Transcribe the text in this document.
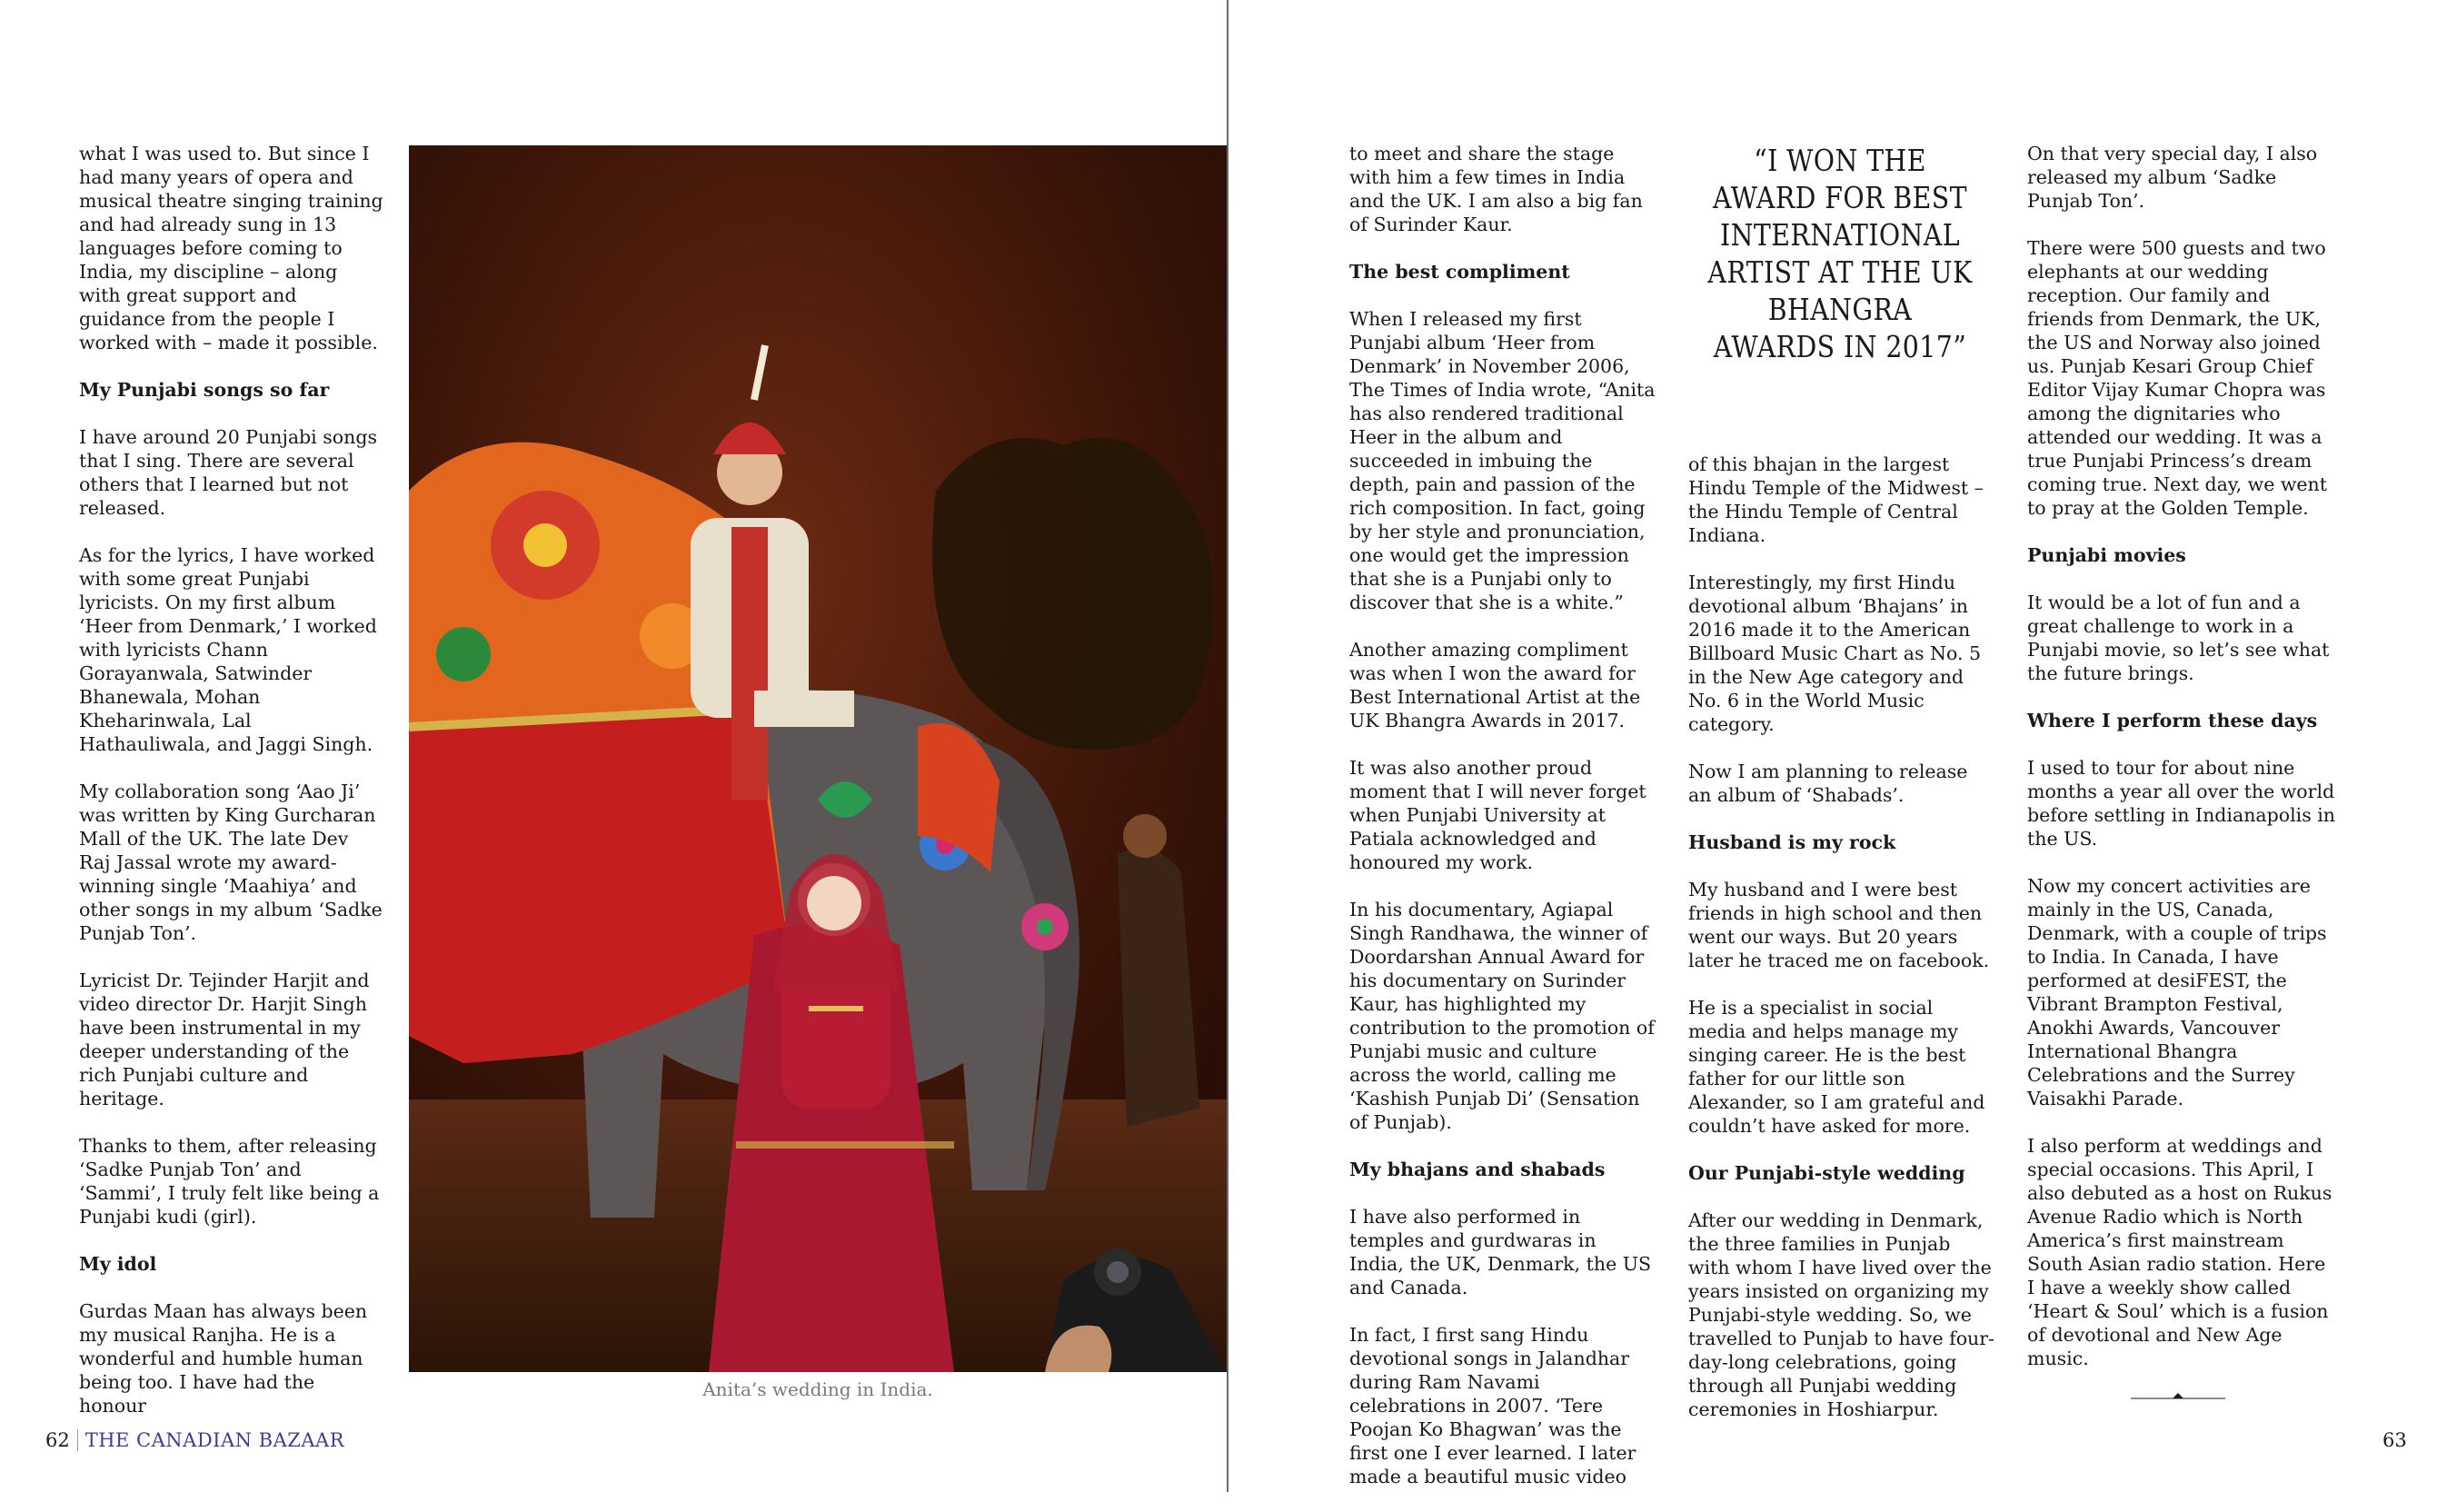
what I was used to. But since I had many years of opera and musical theatre singing training and had already sung in 13 languages before coming to India, my discipline – along with great support and guidance from the people I worked with – made it possible.

My Punjabi songs so far

I have around 20 Punjabi songs that I sing. There are several others that I learned but not released.

As for the lyrics, I have worked with some great Punjabi lyricists. On my first album ‘Heer from Denmark,’ I worked with lyricists Chann Gorayanwala, Satwinder Bhanewala, Mohan Kheharinwala, Lal Hathauliwala, and Jaggi Singh.

My collaboration song ‘Aao Ji’ was written by King Gurcharan Mall of the UK. The late Dev Raj Jassal wrote my award-winning single ‘Maahiya’ and other songs in my album ‘Sadke Punjab Ton’.

Lyricist Dr. Tejinder Harjit and video director Dr. Harjit Singh have been instrumental in my deeper understanding of the rich Punjabi culture and heritage.

Thanks to them, after releasing ‘Sadke Punjab Ton’ and ‘Sammi’, I truly felt like being a Punjabi kudi (girl).

My idol

Gurdas Maan has always been my musical Ranjha. He is a wonderful and humble human being too. I have had the honour

Anita’s wedding in India.
62 THE CANADIAN BAZAAR

to meet and share the stage with him a few times in India and the UK. I am also a big fan of Surinder Kaur.

The best compliment

When I released my first Punjabi album ‘Heer from Denmark’ in November 2006, The Times of India wrote, “Anita has also rendered traditional Heer in the album and succeeded in imbuing the depth, pain and passion of the rich composition. In fact, going by her style and pronunciation, one would get the impression that she is a Punjabi only to discover that she is a white.”

Another amazing compliment was when I won the award for Best International Artist at the UK Bhangra Awards in 2017.

It was also another proud moment that I will never forget when Punjabi University at Patiala acknowledged and honoured my work.

In his documentary, Agiapal Singh Randhawa, the winner of Doordarshan Annual Award for his documentary on Surinder Kaur, has highlighted my contribution to the promotion of Punjabi music and culture across the world, calling me ‘Kashish Punjab Di’ (Sensation of Punjab).

My bhajans and shabads

I have also performed in temples and gurdwaras in India, the UK, Denmark, the US and Canada.

In fact, I first sang Hindu devotional songs in Jalandhar during Ram Navami celebrations in 2007. ‘Tere Poojan Ko Bhagwan’ was the first one I ever learned. I later made a beautiful music video

“I WON THE AWARD FOR BEST INTERNATIONAL ARTIST AT THE UK BHANGRA AWARDS IN 2017”

of this bhajan in the largest Hindu Temple of the Midwest – the Hindu Temple of Central Indiana.

Interestingly, my first Hindu devotional album ‘Bhajans’ in 2016 made it to the American Billboard Music Chart as No. 5 in the New Age category and No. 6 in the World Music category.

Now I am planning to release an album of ‘Shabads’.

Husband is my rock

My husband and I were best friends in high school and then went our ways. But 20 years later he traced me on facebook.

He is a specialist in social media and helps manage my singing career. He is the best father for our little son Alexander, so I am grateful and couldn’t have asked for more.

Our Punjabi-style wedding

After our wedding in Denmark, the three families in Punjab with whom I have lived over the years insisted on organizing my Punjabi-style wedding. So, we travelled to Punjab to have four-day-long celebrations, going through all Punjabi wedding ceremonies in Hoshiarpur.

On that very special day, I also released my album ‘Sadke Punjab Ton’.

There were 500 guests and two elephants at our wedding reception. Our family and friends from Denmark, the UK, the US and Norway also joined us. Punjab Kesari Group Chief Editor Vijay Kumar Chopra was among the dignitaries who attended our wedding. It was a true Punjabi Princess’s dream coming true. Next day, we went to pray at the Golden Temple.

Punjabi movies

It would be a lot of fun and a great challenge to work in a Punjabi movie, so let’s see what the future brings.

Where I perform these days

I used to tour for about nine months a year all over the world before settling in Indianapolis in the US.

Now my concert activities are mainly in the US, Canada, Denmark, with a couple of trips to India. In Canada, I have performed at desiFEST, the Vibrant Brampton Festival, Anokhi Awards, Vancouver International Bhangra Celebrations and the Surrey Vaisakhi Parade.

I also perform at weddings and special occasions. This April, I also debuted as a host on Rukus Avenue Radio which is North America’s first mainstream South Asian radio station. Here I have a weekly show called ‘Heart & Soul’ which is a fusion of devotional and New Age music.

63
